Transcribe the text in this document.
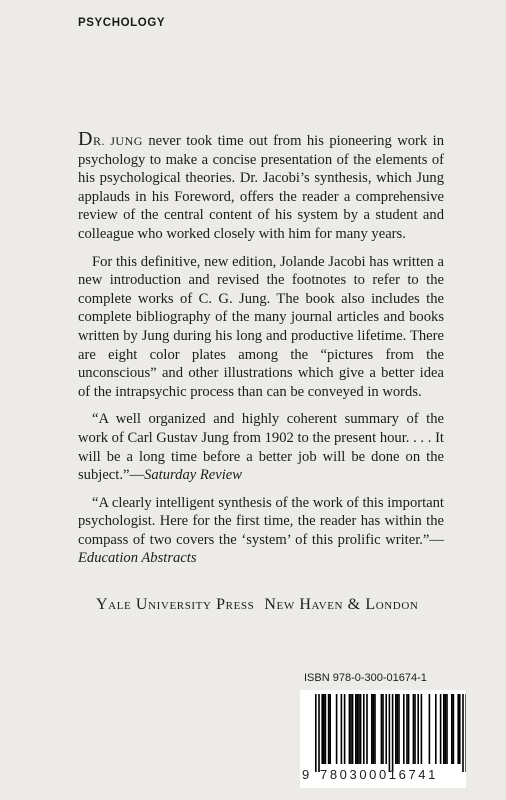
PSYCHOLOGY

DR. JUNG never took time out from his pioneering work in psychology to make a concise presentation of the elements of his psychological theories. Dr. Jacobi’s synthesis, which Jung applauds in his Foreword, offers the reader a comprehensive review of the central content of his system by a student and colleague who worked closely with him for many years.

For this definitive, new edition, Jolande Jacobi has written a new introduction and revised the footnotes to refer to the complete works of C. G. Jung. The book also includes the complete bibliography of the many journal articles and books written by Jung during his long and productive lifetime. There are eight color plates among the “pictures from the unconscious” and other illustrations which give a better idea of the intrapsychic process than can be conveyed in words.

“A well organized and highly coherent summary of the work of Carl Gustav Jung from 1902 to the present hour. . . . It will be a long time before a better job will be done on the subject.”—Saturday Review

“A clearly intelligent synthesis of the work of this important psychologist. Here for the first time, the reader has within the compass of two covers the ‘system’ of this prolific writer.”—Education Abstracts

Yale University Press New Haven & London
ISBN 978-0-300-01674-1
9 780300016741
